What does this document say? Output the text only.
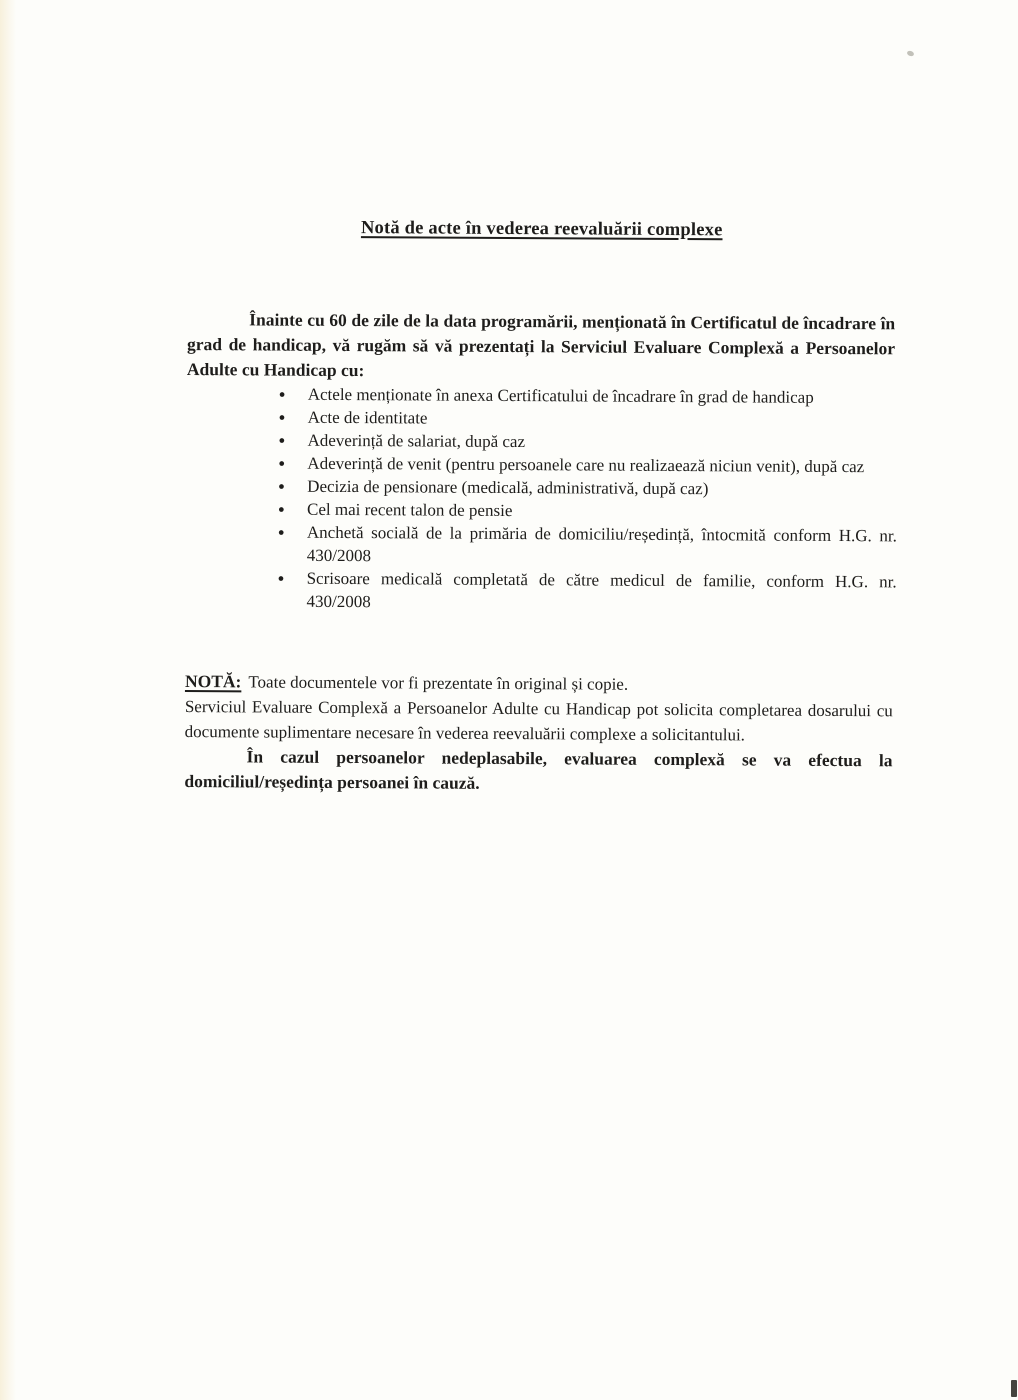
Notă de acte în vederea reevaluării complexe

Înainte cu 60 de zile de la data programării, menționată în Certificatul de încadrare în grad de handicap, vă rugăm să vă prezentați la Serviciul Evaluare Complexă a Persoanelor Adulte cu Handicap cu:

● Actele menționate în anexa Certificatului de încadrare în grad de handicap
● Acte de identitate
● Adeverință de salariat, după caz
● Adeverință de venit (pentru persoanele care nu realizaează niciun venit), după caz
● Decizia de pensionare (medicală, administrativă, după caz)
● Cel mai recent talon de pensie
● Anchetă socială de la primăria de domiciliu/reședință, întocmită conform H.G. nr. 430/2008
● Scrisoare medicală completată de către medicul de familie, conform H.G. nr. 430/2008

NOTĂ: Toate documentele vor fi prezentate în original și copie.

Serviciul Evaluare Complexă a Persoanelor Adulte cu Handicap pot solicita completarea dosarului cu documente suplimentare necesare în vederea reevaluării complexe a solicitantului.

În cazul persoanelor nedeplasabile, evaluarea complexă se va efectua la domiciliul/reședința persoanei în cauză.
